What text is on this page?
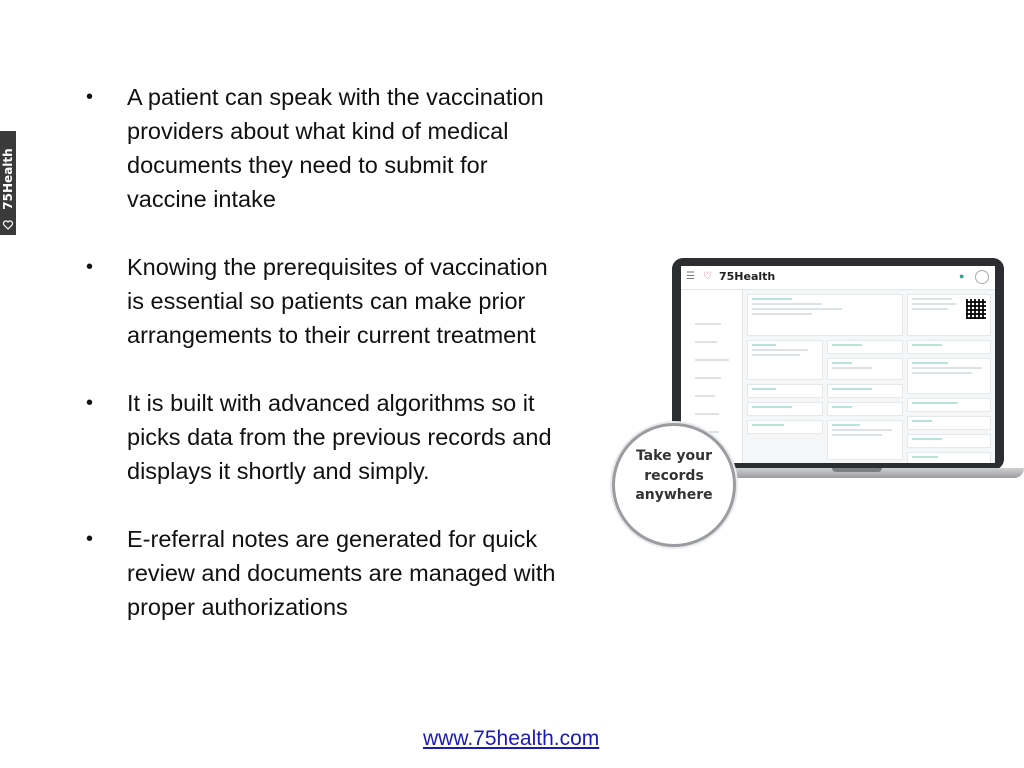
75Health
• A patient can speak with the vaccination providers about what kind of medical documents they need to submit for vaccine intake
• Knowing the prerequisites of vaccination is essential so patients can make prior arrangements to their current treatment
• It is built with advanced algorithms so it picks data from the previous records and displays it shortly and simply.
• E-referral notes are generated for quick review and documents are managed with proper authorizations
☰ ♡ 75Health	●
Take your records anywhere
www.75health.com
